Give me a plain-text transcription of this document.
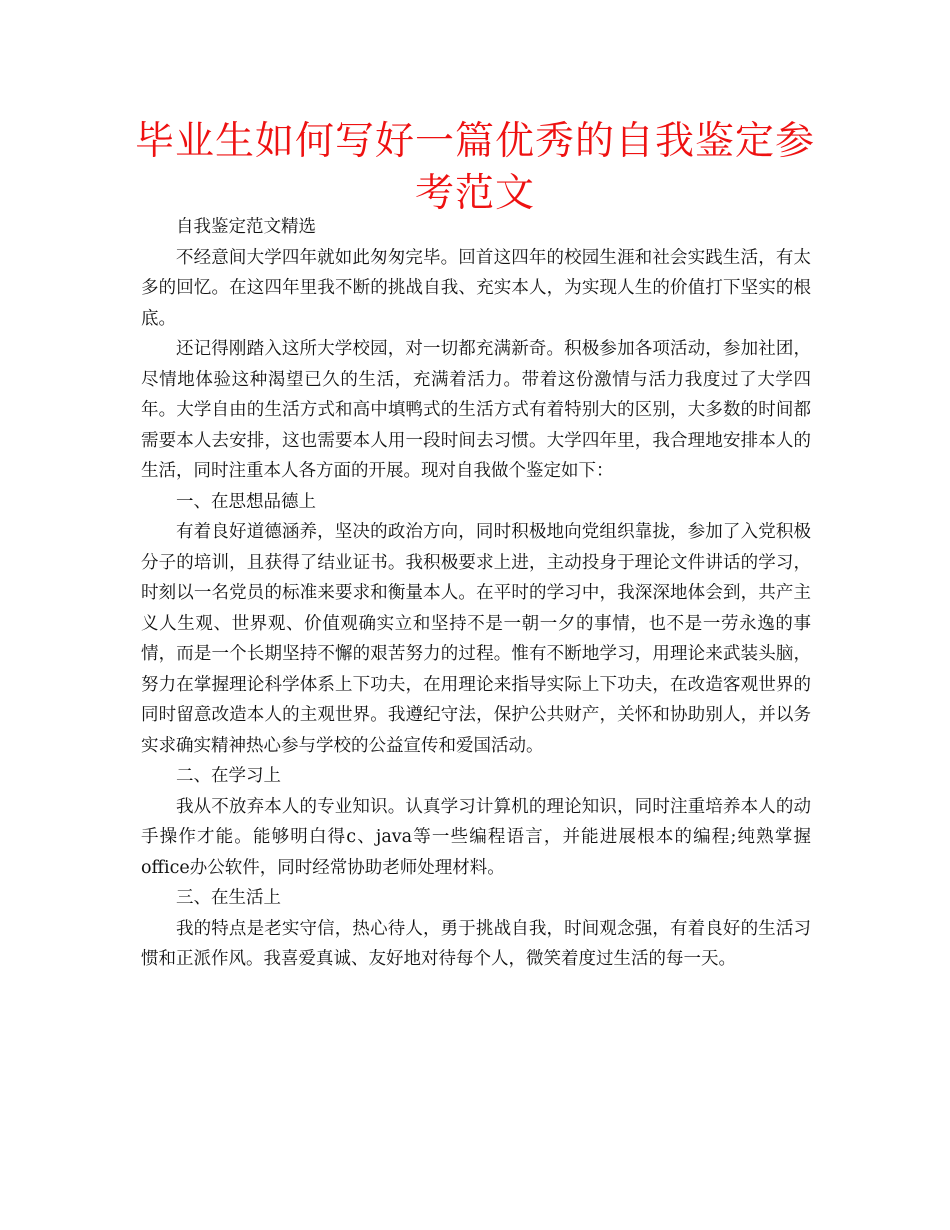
毕业生如何写好一篇优秀的自我鉴定参考范文

自我鉴定范文精选

不经意间大学四年就如此匆匆完毕。回首这四年的校园生涯和社会实践生活，有太多的回忆。在这四年里我不断的挑战自我、充实本人，为实现人生的价值打下坚实的根底。

还记得刚踏入这所大学校园，对一切都充满新奇。积极参加各项活动，参加社团，尽情地体验这种渴望已久的生活，充满着活力。带着这份激情与活力我度过了大学四年。大学自由的生活方式和高中填鸭式的生活方式有着特别大的区别，大多数的时间都需要本人去安排，这也需要本人用一段时间去习惯。大学四年里，我合理地安排本人的生活，同时注重本人各方面的开展。现对自我做个鉴定如下：

一、在思想品德上

有着良好道德涵养，坚决的政治方向，同时积极地向党组织靠拢，参加了入党积极分子的培训，且获得了结业证书。我积极要求上进，主动投身于理论文件讲话的学习，时刻以一名党员的标准来要求和衡量本人。在平时的学习中，我深深地体会到，共产主义人生观、世界观、价值观确实立和坚持不是一朝一夕的事情，也不是一劳永逸的事情，而是一个长期坚持不懈的艰苦努力的过程。惟有不断地学习，用理论来武装头脑，努力在掌握理论科学体系上下功夫，在用理论来指导实际上下功夫，在改造客观世界的同时留意改造本人的主观世界。我遵纪守法，保护公共财产，关怀和协助别人，并以务实求确实精神热心参与学校的公益宣传和爱国活动。

二、在学习上

我从不放弃本人的专业知识。认真学习计算机的理论知识，同时注重培养本人的动手操作才能。能够明白得c、java等一些编程语言，并能进展根本的编程;纯熟掌握office办公软件，同时经常协助老师处理材料。

三、在生活上

我的特点是老实守信，热心待人，勇于挑战自我，时间观念强，有着良好的生活习惯和正派作风。我喜爱真诚、友好地对待每个人，微笑着度过生活的每一天。
